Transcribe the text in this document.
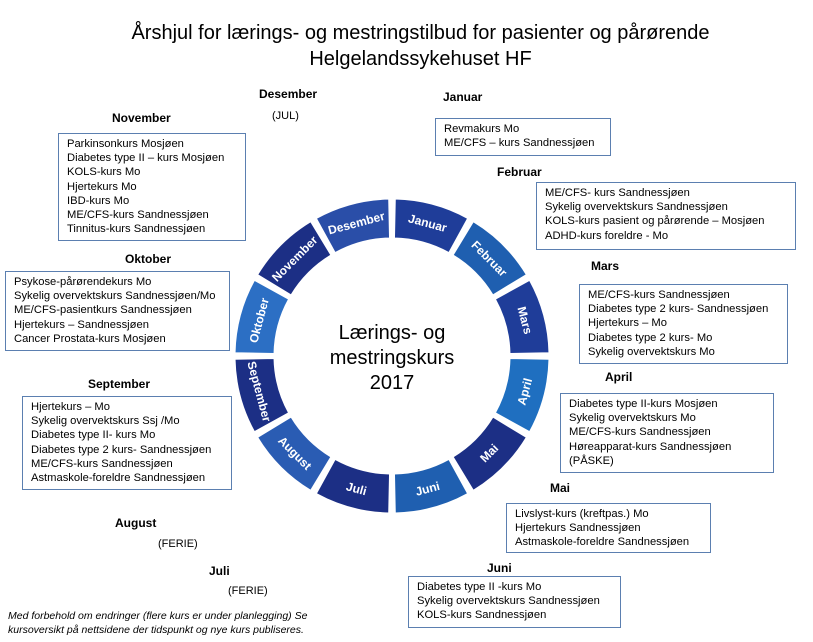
Årshjul for lærings- og mestringstilbud for pasienter og pårørende
Helgelandssykehuset HF
Januar
Februar
Mars
April
Mai
Juni
Juli
August
September
Oktober
November
Desember
Lærings- og
mestringskurs
2017
Januar
Revmakurs Mo
ME/CFS – kurs Sandnessjøen
Februar
ME/CFS- kurs Sandnessjøen
Sykelig overvektskurs Sandnessjøen
KOLS-kurs pasient og pårørende – Mosjøen
ADHD-kurs foreldre - Mo
Mars
ME/CFS-kurs Sandnessjøen
Diabetes type 2 kurs- Sandnessjøen
Hjertekurs – Mo
Diabetes type 2 kurs- Mo
Sykelig overvektskurs Mo
April
Diabetes type II-kurs Mosjøen
Sykelig overvektskurs Mo
ME/CFS-kurs Sandnessjøen
Høreapparat-kurs Sandnessjøen
(PÅSKE)
Mai
Livslyst-kurs (kreftpas.) Mo
Hjertekurs Sandnessjøen
Astmaskole-foreldre Sandnessjøen
Juni
Diabetes type II -kurs Mo
Sykelig overvektskurs Sandnessjøen
KOLS-kurs Sandnessjøen
Juli
(FERIE)
August
(FERIE)
September
Hjertekurs – Mo
Sykelig overvektskurs Ssj /Mo
Diabetes type II- kurs Mo
Diabetes type 2 kurs- Sandnessjøen
ME/CFS-kurs Sandnessjøen
Astmaskole-foreldre Sandnessjøen
Oktober
Psykose-pårørendekurs Mo
Sykelig overvektskurs Sandnessjøen/Mo
ME/CFS-pasientkurs Sandnessjøen
Hjertekurs – Sandnessjøen
Cancer Prostata-kurs Mosjøen
November
Parkinsonkurs Mosjøen
Diabetes type II – kurs Mosjøen
KOLS-kurs Mo
Hjertekurs Mo
IBD-kurs Mo
ME/CFS-kurs Sandnessjøen
Tinnitus-kurs Sandnessjøen
Desember
(JUL)
Med forbehold om endringer (flere kurs er under planlegging) Se
kursoversikt på nettsidene der tidspunkt og nye kurs publiseres.
